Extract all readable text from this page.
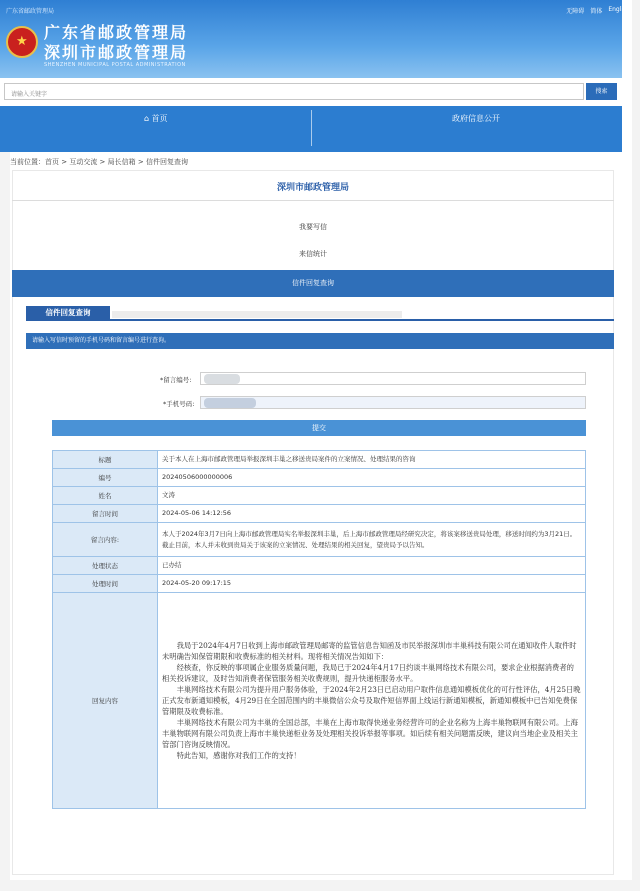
广东省邮政管理局	无障碍 简体 English
★ 广东省邮政管理局
深圳市邮政管理局
SHENZHEN MUNICIPAL POSTAL ADMINISTRATION
请输入关键字	搜索
⌂ 首页	政府信息公开
当前位置：首页 > 互动交流 > 局长信箱 > 信件回复查询
深圳市邮政管理局
我要写信
来信统计
信件回复查询
信件回复查询
请输入写信时预留的手机号码和留言编号进行查询。
*留言编号:
*手机号码:
提交
标题	关于本人在上海市邮政管理局举报深圳丰巢之移送贵局案件的立案情况、处理结果的咨询
编号	20240506000000006
姓名	文涛
留言时间	2024-05-06 14:12:56
留言内容:	本人于2024年3月7日向上海市邮政管理局实名举报深圳丰巢，后上海市邮政管理局经研究决定，将该案移送贵局处理，移送时间约为3月21日。截止目前，本人并未收到贵局关于该案的立案情况、处理结果的相关回复，望贵局予以告知。
处理状态	已办结
处理时间	2024-05-20 09:17:15
回复内容	我局于2024年4月7日收到上海市邮政管理局邮寄的监管信息告知函及市民举报深圳市丰巢科技有限公司在通知收件人取件时未明确告知保管期限和收费标准的相关材料。现将相关情况告知如下：

经核查，你反映的事项属企业服务质量问题，我局已于2024年4月17日约谈丰巢网络技术有限公司，要求企业根据消费者的相关投诉建议，及时告知消费者保管服务相关收费规则，提升快递柜服务水平。

丰巢网络技术有限公司为提升用户服务体验，于2024年2月23日已启动用户取件信息通知模板优化的可行性评估，4月25日晚正式发布新通知模板，4月29日在全国范围内的丰巢微信公众号及取件短信界面上线运行新通知模板，新通知模板中已告知免费保管期限及收费标准。

丰巢网络技术有限公司为丰巢的全国总部，丰巢在上海市取得快递业务经营许可的企业名称为上海丰巢物联网有限公司。上海丰巢物联网有限公司负责上海市丰巢快递柜业务及处理相关投诉举报等事项。如后续有相关问题需反映，建议向当地企业及相关主管部门咨询反映情况。

特此告知，感谢你对我们工作的支持！
